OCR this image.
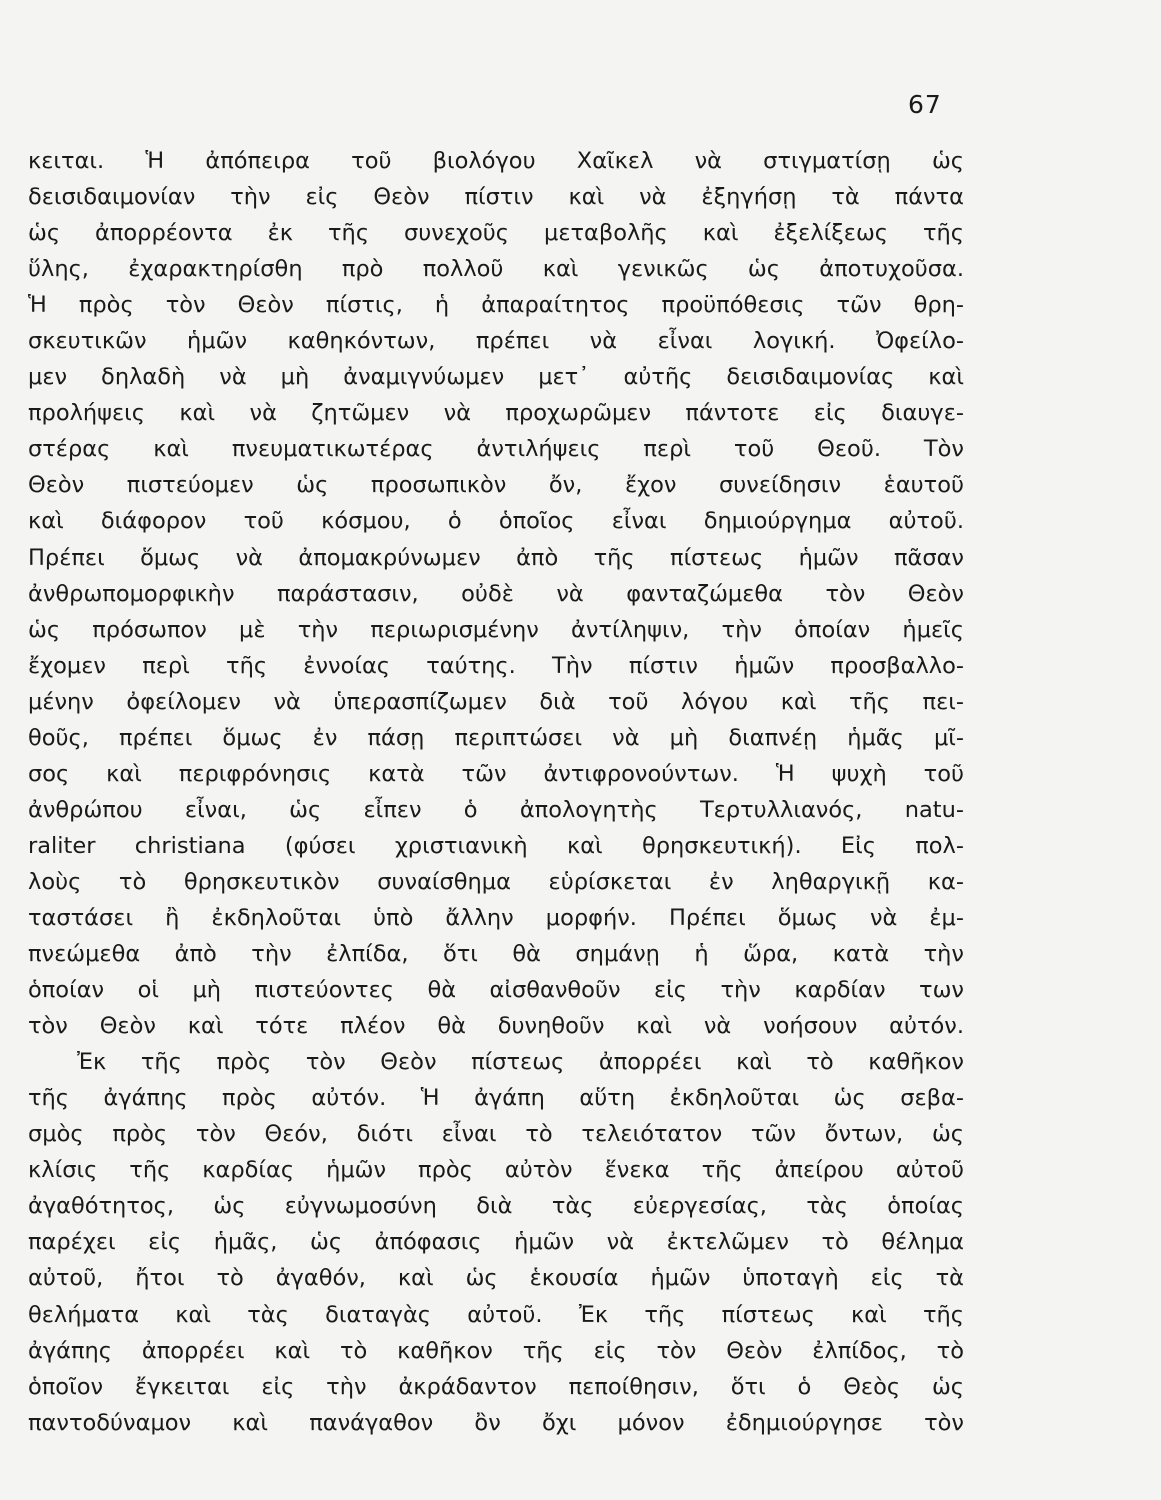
67
κειται. Ἡ ἀπόπειρα τοῦ βιολόγου Χαῖκελ νὰ στιγματίσῃ ὡς
δεισιδαιμονίαν τὴν εἰς Θεὸν πίστιν καὶ νὰ ἐξηγήσῃ τὰ πάντα
ὡς ἀπορρέοντα ἐκ τῆς συνεχοῦς μεταβολῆς καὶ ἐξελίξεως τῆς
ὕλης, ἐχαρακτηρίσθη πρὸ πολλοῦ καὶ γενικῶς ὡς ἀποτυχοῦσα.
Ἡ πρὸς τὸν Θεὸν πίστις, ἡ ἀπαραίτητος προϋπόθεσις τῶν θρη-
σκευτικῶν ἡμῶν καθηκόντων, πρέπει νὰ εἶναι λογική. Ὀφείλο-
μεν δηλαδὴ νὰ μὴ ἀναμιγνύωμεν μετ᾽ αὐτῆς δεισιδαιμονίας καὶ
προλήψεις καὶ νὰ ζητῶμεν νὰ προχωρῶμεν πάντοτε εἰς διαυγε-
στέρας καὶ πνευματικωτέρας ἀντιλήψεις περὶ τοῦ Θεοῦ. Τὸν
Θεὸν πιστεύομεν ὡς προσωπικὸν ὄν, ἔχον συνείδησιν ἑαυτοῦ
καὶ διάφορον τοῦ κόσμου, ὁ ὁποῖος εἶναι δημιούργημα αὐτοῦ.
Πρέπει ὅμως νὰ ἀπομακρύνωμεν ἀπὸ τῆς πίστεως ἡμῶν πᾶσαν
ἀνθρωπομορφικὴν παράστασιν, οὐδὲ νὰ φανταζώμεθα τὸν Θεὸν
ὡς πρόσωπον μὲ τὴν περιωρισμένην ἀντίληψιν, τὴν ὁποίαν ἡμεῖς
ἔχομεν περὶ τῆς ἐννοίας ταύτης. Τὴν πίστιν ἡμῶν προσβαλλο-
μένην ὀφείλομεν νὰ ὑπερασπίζωμεν διὰ τοῦ λόγου καὶ τῆς πει-
θοῦς, πρέπει ὅμως ἐν πάσῃ περιπτώσει νὰ μὴ διαπνέῃ ἡμᾶς μῖ-
σος καὶ περιφρόνησις κατὰ τῶν ἀντιφρονούντων. Ἡ ψυχὴ τοῦ
ἀνθρώπου εἶναι, ὡς εἶπεν ὁ ἀπολογητὴς Τερτυλλιανός, natu-
raliter christiana (φύσει χριστιανικὴ καὶ θρησκευτική). Εἰς πολ-
λοὺς τὸ θρησκευτικὸν συναίσθημα εὑρίσκεται ἐν ληθαργικῇ κα-
ταστάσει ἢ ἐκδηλοῦται ὑπὸ ἄλλην μορφήν. Πρέπει ὅμως νὰ ἐμ-
πνεώμεθα ἀπὸ τὴν ἐλπίδα, ὅτι θὰ σημάνῃ ἡ ὥρα, κατὰ τὴν
ὁποίαν οἱ μὴ πιστεύοντες θὰ αἰσθανθοῦν εἰς τὴν καρδίαν των
τὸν Θεὸν καὶ τότε πλέον θὰ δυνηθοῦν καὶ νὰ νοήσουν αὐτόν.
Ἐκ τῆς πρὸς τὸν Θεὸν πίστεως ἀπορρέει καὶ τὸ καθῆκον
τῆς ἀγάπης πρὸς αὐτόν. Ἡ ἀγάπη αὕτη ἐκδηλοῦται ὡς σεβα-
σμὸς πρὸς τὸν Θεόν, διότι εἶναι τὸ τελειότατον τῶν ὄντων, ὡς
κλίσις τῆς καρδίας ἡμῶν πρὸς αὐτὸν ἕνεκα τῆς ἀπείρου αὐτοῦ
ἀγαθότητος, ὡς εὐγνωμοσύνη διὰ τὰς εὐεργεσίας, τὰς ὁποίας
παρέχει εἰς ἡμᾶς, ὡς ἀπόφασις ἡμῶν νὰ ἐκτελῶμεν τὸ θέλημα
αὐτοῦ, ἤτοι τὸ ἀγαθόν, καὶ ὡς ἑκουσία ἡμῶν ὑποταγὴ εἰς τὰ
θελήματα καὶ τὰς διαταγὰς αὐτοῦ. Ἐκ τῆς πίστεως καὶ τῆς
ἀγάπης ἀπορρέει καὶ τὸ καθῆκον τῆς εἰς τὸν Θεὸν ἐλπίδος, τὸ
ὁποῖον ἔγκειται εἰς τὴν ἀκράδαντον πεποίθησιν, ὅτι ὁ Θεὸς ὡς
παντοδύναμον καὶ πανάγαθον ὂν ὄχι μόνον ἐδημιούργησε τὸν
